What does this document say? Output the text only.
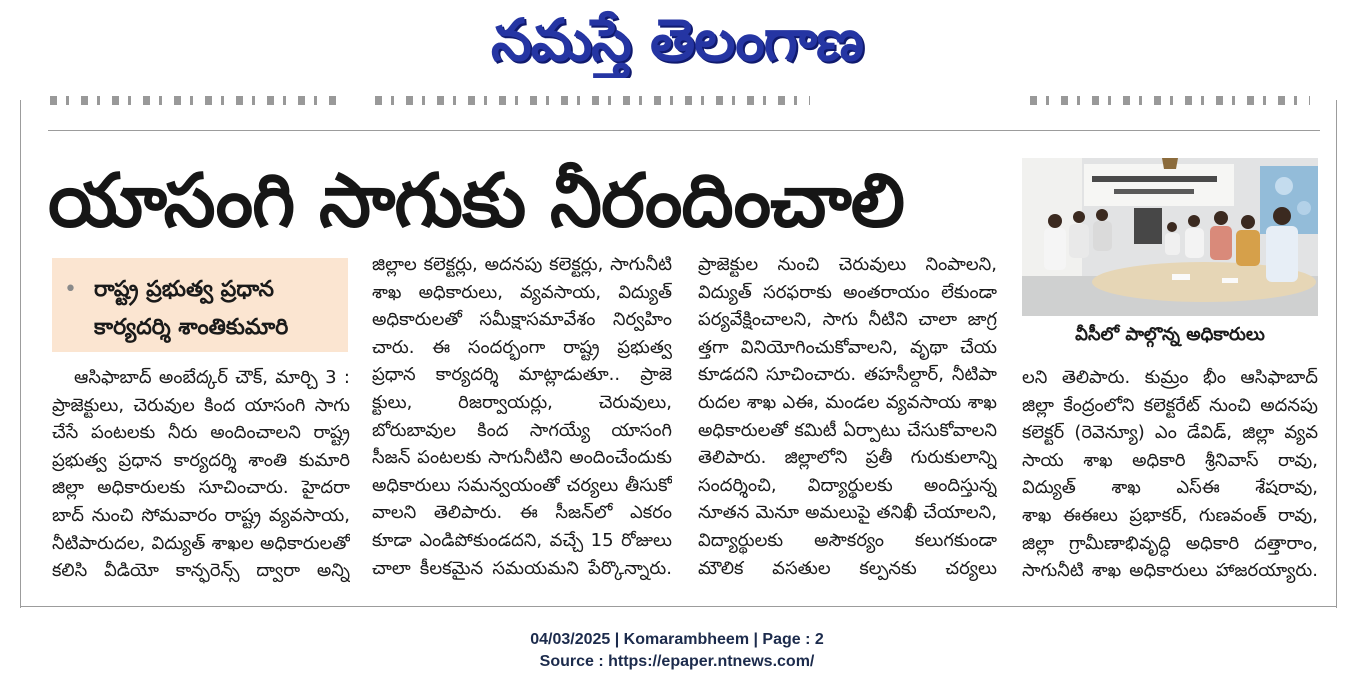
నమస్తే తెలంగాణ
యాసంగి సాగుకు నీరందించాలి
• రాష్ట్ర ప్రభుత్వ ప్రధాన
కార్యదర్శి శాంతికుమారి
ఆసిఫాబాద్ అంబేద్కర్ చౌక్, మార్చి 3 :
ప్రాజెక్టులు, చెరువుల కింద యాసంగి సాగు
చేసే పంటలకు నీరు అందించాలని రాష్ట్ర
ప్రభుత్వ ప్రధాన కార్యదర్శి శాంతి కుమారి
జిల్లా అధికారులకు సూచించారు. హైదరా
బాద్ నుంచి సోమవారం రాష్ట్ర వ్యవసాయ,
నీటిపారుదల, విద్యుత్ శాఖల అధికారులతో
కలిసి వీడియో కాన్ఫరెన్స్ ద్వారా అన్ని
జిల్లాల కలెక్టర్లు, అదనపు కలెక్టర్లు, సాగునీటి
శాఖ అధికారులు, వ్యవసాయ, విద్యుత్
అధికారులతో సమీక్షాసమావేశం నిర్వహిం
చారు. ఈ సందర్భంగా రాష్ట్ర ప్రభుత్వ
ప్రధాన కార్యదర్శి మాట్లాడుతూ.. ప్రాజె
క్టులు, రిజర్వాయర్లు, చెరువులు,
బోరుబావుల కింద సాగయ్యే యాసంగి
సీజన్ పంటలకు సాగునీటిని అందించేందుకు
అధికారులు సమన్వయంతో చర్యలు తీసుకో
వాలని తెలిపారు. ఈ సీజన్‌లో ఎకరం
కూడా ఎండిపోకుండదని, వచ్చే 15 రోజులు
చాలా కీలకమైన సమయమని పేర్కొన్నారు.
ప్రాజెక్టుల నుంచి చెరువులు నింపాలని,
విద్యుత్ సరఫరాకు అంతరాయం లేకుండా
పర్యవేక్షించాలని, సాగు నీటిని చాలా జాగ్ర
త్తగా వినియోగించుకోవాలని, వృథా చేయ
కూడదని సూచించారు. తహసీల్దార్, నీటిపా
రుదల శాఖ ఎఈ, మండల వ్యవసాయ శాఖ
అధికారులతో కమిటీ ఏర్పాటు చేసుకోవాలని
తెలిపారు. జిల్లాలోని ప్రతీ గురుకులాన్ని
సందర్శించి, విద్యార్థులకు అందిస్తున్న
నూతన మెనూ అమలుపై తనిఖీ చేయాలని,
విద్యార్థులకు అసౌకర్యం కలుగకుండా
మౌలిక వసతుల కల్పనకు చర్యలు
వీసీలో పాల్గొన్న అధికారులు
లని తెలిపారు. కుమ్రం భీం ఆసిఫాబాద్
జిల్లా కేంద్రంలోని కలెక్టరేట్ నుంచి అదనపు
కలెక్టర్ (రెవెన్యూ) ఎం డేవిడ్, జిల్లా వ్యవ
సాయ శాఖ అధికారి శ్రీనివాస్ రావు,
విద్యుత్ శాఖ ఎస్ఈ శేషరావు,
శాఖ ఈఈలు ప్రభాకర్, గుణవంత్ రావు,
జిల్లా గ్రామీణాభివృద్ధి అధికారి దత్తారాం,
సాగునీటి శాఖ అధికారులు హాజరయ్యారు.
04/03/2025 | Komarambheem | Page : 2
Source : https://epaper.ntnews.com/
